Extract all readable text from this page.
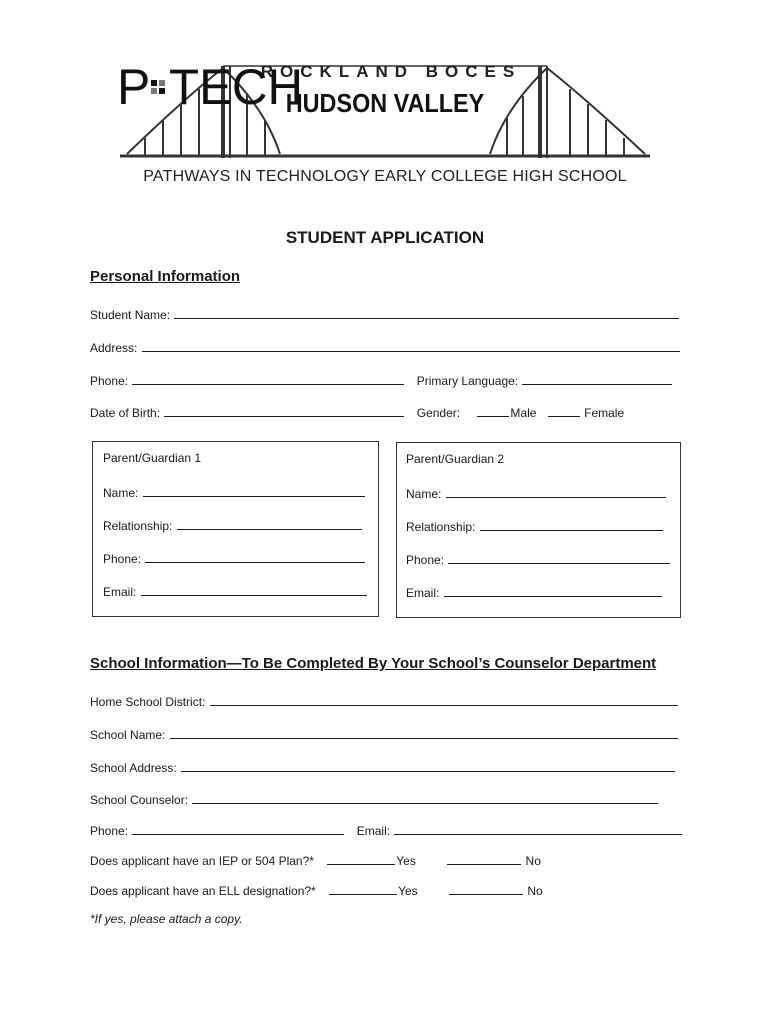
ROCKLAND BOCES
HUDSON VALLEY
P TECH
PATHWAYS IN TECHNOLOGY EARLY COLLEGE HIGH SCHOOL
STUDENT APPLICATION
Personal Information
Student Name:
Address:
Phone:	Primary Language:
Date of Birth:	Gender:	Male	Female
Parent/Guardian 1
Name:
Relationship:
Phone:
Email:
Parent/Guardian 2
Name:
Relationship:
Phone:
Email:
School Information—To Be Completed By Your School’s Counselor Department
Home School District:
School Name:
School Address:
School Counselor:
Phone:	Email:
Does applicant have an IEP or 504 Plan?*	Yes	No
Does applicant have an ELL designation?*	Yes	No
*If yes, please attach a copy.
